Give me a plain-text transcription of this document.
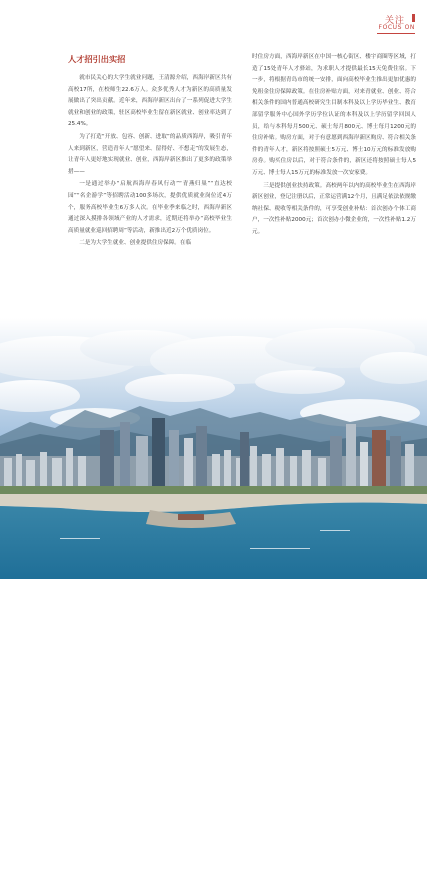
关注
FOCUS ON
人才招引出实招

就市民关心的大学生就业问题，王清源介绍，西海岸新区共有高校17所，在校师生22.6万人。众多优秀人才为新区的高质量发展做出了突出贡献。近年来，西海岸新区出台了一系列促进大学生就业和创业的政策，驻区高校毕业生留在新区就业、创业率达到了25.4%。

为了打造“开放、包容、创新、进取”的品质西海岸，吸引青年人来到新区，营造青年人“愿望来、留得好、不想走”的发展生态，让青年人更好地实现就业、创业，西海岸新区推出了更多的政策举措——

一是通过举办“启航西海岸春风行动”“青燕归巢”“直达校园”“名企游学”等招聘活动100多场次，提供优质就业岗位近4万个，服务高校毕业生6万多人次。在毕业季来临之时，西海岸新区通过深入摸排各领域产业的人才需求，近期还将举办“高校毕业生高质量就业巡回招聘周”等活动，新推出近2万个优质岗位。

二是为大学生就业、创业提供住房保障。在临

时住房方面，西海岸新区在中国一核心街区、楼宇商圈等区域，打造了15处青年人才驿站，为求职人才提供最长15天免费住宿。下一步，将根据青岛市的统一安排，面向高校毕业生推出更加优惠的免租金住房保障政策。在住房补贴方面，对来青就业、创业、符合相关条件的国内普通高校研究生目制本科及以上学历毕业生、教育部留学服务中心国外学历学位认证的本科及以上学历留学回国人员，给与本科每月500元、硕士每月800元、博士每月1200元的住房补贴。购房方面，对于有意愿到西海岸新区购房、符合相关条件的青年人才，新区将按照硕士5万元、博士10万元的标准发放购房券。购买住房以后，对于符合条件的，新区还将按照硕士每人5万元、博士每人15万元的标准发放一次安家费。

三是提供创业扶持政策。高校两年以内的高校毕业生在西海岸新区创业，登记注册以后，正常运营满12个月，且满足依法依规缴纳社保、税收等相关条件的，可享受创业补贴：首次创办个体工商户，一次性补贴2000元；首次创办小微企业的，一次性补贴1.2万元。

029
